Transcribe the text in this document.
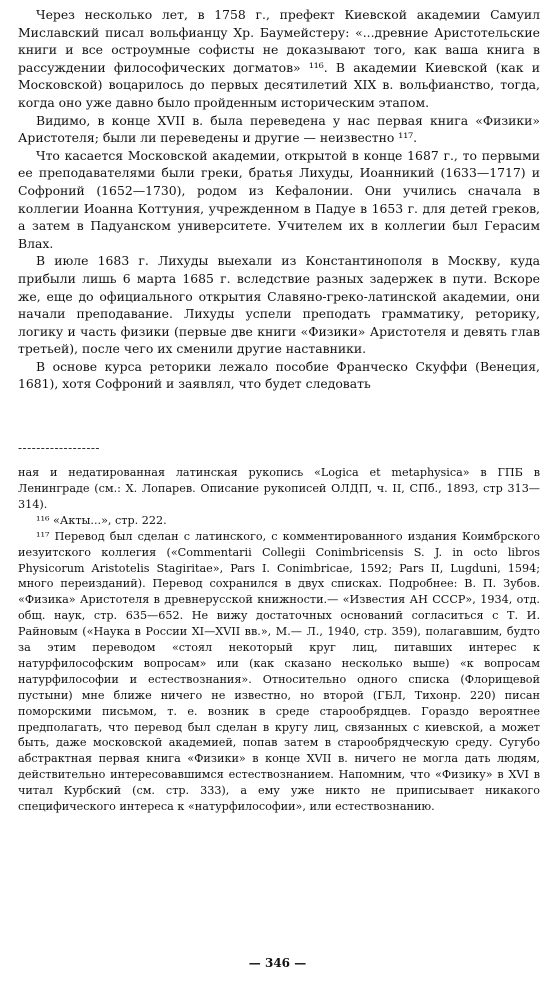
Через несколько лет, в 1758 г., префект Киевской академии Самуил Миславский писал вольфианцу Хр. Баумейстеру: «...древние Аристотельские книги и все остроумные софисты не доказывают того, как ваша книга в рассуждении философических догматов» ¹¹⁶. В академии Киевской (как и Московской) воцарилось до первых десятилетий XIX в. вольфианство, тогда, когда оно уже давно было пройденным историческим этапом.

Видимо, в конце XVII в. была переведена у нас первая книга «Физики» Аристотеля; были ли переведены и другие — неизвестно ¹¹⁷.

Что касается Московской академии, открытой в конце 1687 г., то первыми ее преподавателями были греки, братья Лихуды, Иоанникий (1633—1717) и Софроний (1652—1730), родом из Кефалонии. Они учились сначала в коллегии Иоанна Коттуния, учрежденном в Падуе в 1653 г. для детей греков, а затем в Падуанском университете. Учителем их в коллегии был Герасим Влах.

В июле 1683 г. Лихуды выехали из Константинополя в Москву, куда прибыли лишь 6 марта 1685 г. вследствие разных задержек в пути. Вскоре же, еще до официального открытия Славяно-греко-латинской академии, они начали преподавание. Лихуды успели преподать грамматику, реторику, логику и часть физики (первые две книги «Физики» Аристотеля и девять глав третьей), после чего их сменили другие наставники.

В основе курса реторики лежало пособие Франческо Скуффи (Венеция, 1681), хотя Софроний и заявлял, что будет следовать

------------------

ная и недатированная латинская рукопись «Logica et metaphysica» в ГПБ в Ленинграде (см.: Х. Лопарев. Описание рукописей ОЛДП, ч. II, СПб., 1893, стр 313—314).

¹¹⁶ «Акты...», стр. 222.

¹¹⁷ Перевод был сделан с латинского, с комментированного издания Коимбрского иезуитского коллегия («Commentarii Collegii Conimbricensis S. J. in octo libros Physicorum Aristotelis Stagiritae», Pars I. Conimbricae, 1592; Pars II, Lugduni, 1594; много переизданий). Перевод сохранился в двух списках. Подробнее: В. П. Зубов. «Физика» Аристотеля в древнерусской книжности.— «Известия АН СССР», 1934, отд. общ. наук, стр. 635—652. Не вижу достаточных оснований согласиться с Т. И. Райновым («Наука в России XI—XVII вв.», М.— Л., 1940, стр. 359), полагавшим, будто за этим переводом «стоял некоторый круг лиц, питавших интерес к натурфилософским вопросам» или (как сказано несколько выше) «к вопросам натурфилософии и естествознания». Относительно одного списка (Флорищевой пустыни) мне ближе ничего не известно, но второй (ГБЛ, Тихонр. 220) писан поморскими письмом, т. е. возник в среде старообрядцев. Гораздо вероятнее предполагать, что перевод был сделан в кругу лиц, связанных с киевской, а может быть, даже московской академией, попав затем в старообрядческую среду. Сугубо абстрактная первая книга «Физики» в конце XVII в. ничего не могла дать людям, действительно интересовавшимся естествознанием. Напомним, что «Физику» в XVI в читал Курбский (см. стр. 333), а ему уже никто не приписывает никакого специфического интереса к «натурфилософии», или естествознанию.

— 346 —
